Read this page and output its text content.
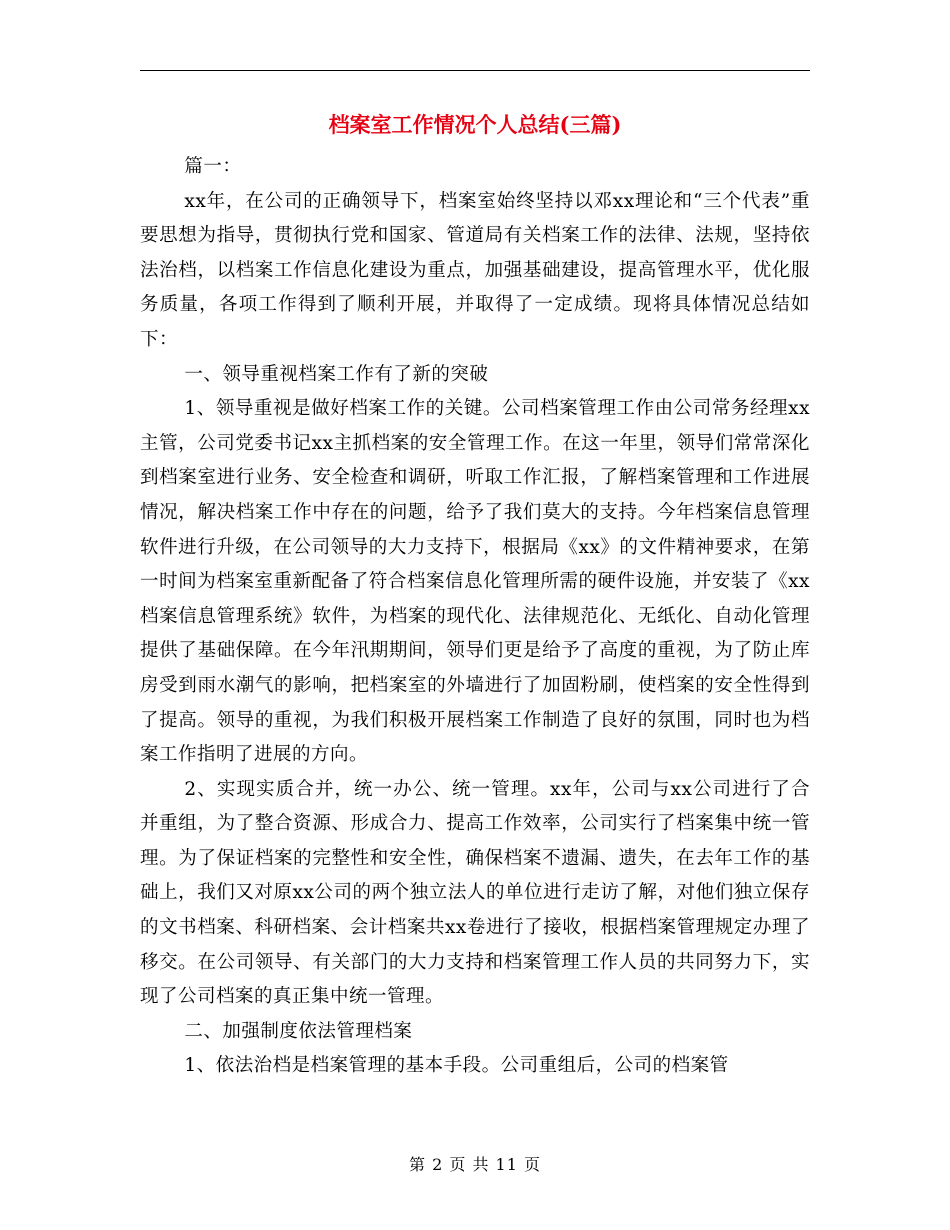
档案室工作情况个人总结(三篇)

篇一：

xx年，在公司的正确领导下，档案室始终坚持以邓xx理论和“三个代表”重要思想为指导，贯彻执行党和国家、管道局有关档案工作的法律、法规，坚持依法治档，以档案工作信息化建设为重点，加强基础建设，提高管理水平，优化服务质量，各项工作得到了顺利开展，并取得了一定成绩。现将具体情况总结如下：

一、领导重视档案工作有了新的突破

1、领导重视是做好档案工作的关键。公司档案管理工作由公司常务经理xx主管，公司党委书记xx主抓档案的安全管理工作。在这一年里，领导们常常深化到档案室进行业务、安全检查和调研，听取工作汇报，了解档案管理和工作进展情况，解决档案工作中存在的问题，给予了我们莫大的支持。今年档案信息管理软件进行升级，在公司领导的大力支持下，根据局《xx》的文件精神要求，在第一时间为档案室重新配备了符合档案信息化管理所需的硬件设施，并安装了《xx档案信息管理系统》软件，为档案的现代化、法律规范化、无纸化、自动化管理提供了基础保障。在今年汛期期间，领导们更是给予了高度的重视，为了防止库房受到雨水潮气的影响，把档案室的外墙进行了加固粉刷，使档案的安全性得到了提高。领导的重视，为我们积极开展档案工作制造了良好的氛围，同时也为档案工作指明了进展的方向。

2、实现实质合并，统一办公、统一管理。xx年，公司与xx公司进行了合并重组，为了整合资源、形成合力、提高工作效率，公司实行了档案集中统一管理。为了保证档案的完整性和安全性，确保档案不遗漏、遗失，在去年工作的基础上，我们又对原xx公司的两个独立法人的单位进行走访了解，对他们独立保存的文书档案、科研档案、会计档案共xx卷进行了接收，根据档案管理规定办理了移交。在公司领导、有关部门的大力支持和档案管理工作人员的共同努力下，实现了公司档案的真正集中统一管理。

二、加强制度依法管理档案

1、依法治档是档案管理的基本手段。公司重组后，公司的档案管

第 2 页 共 11 页
